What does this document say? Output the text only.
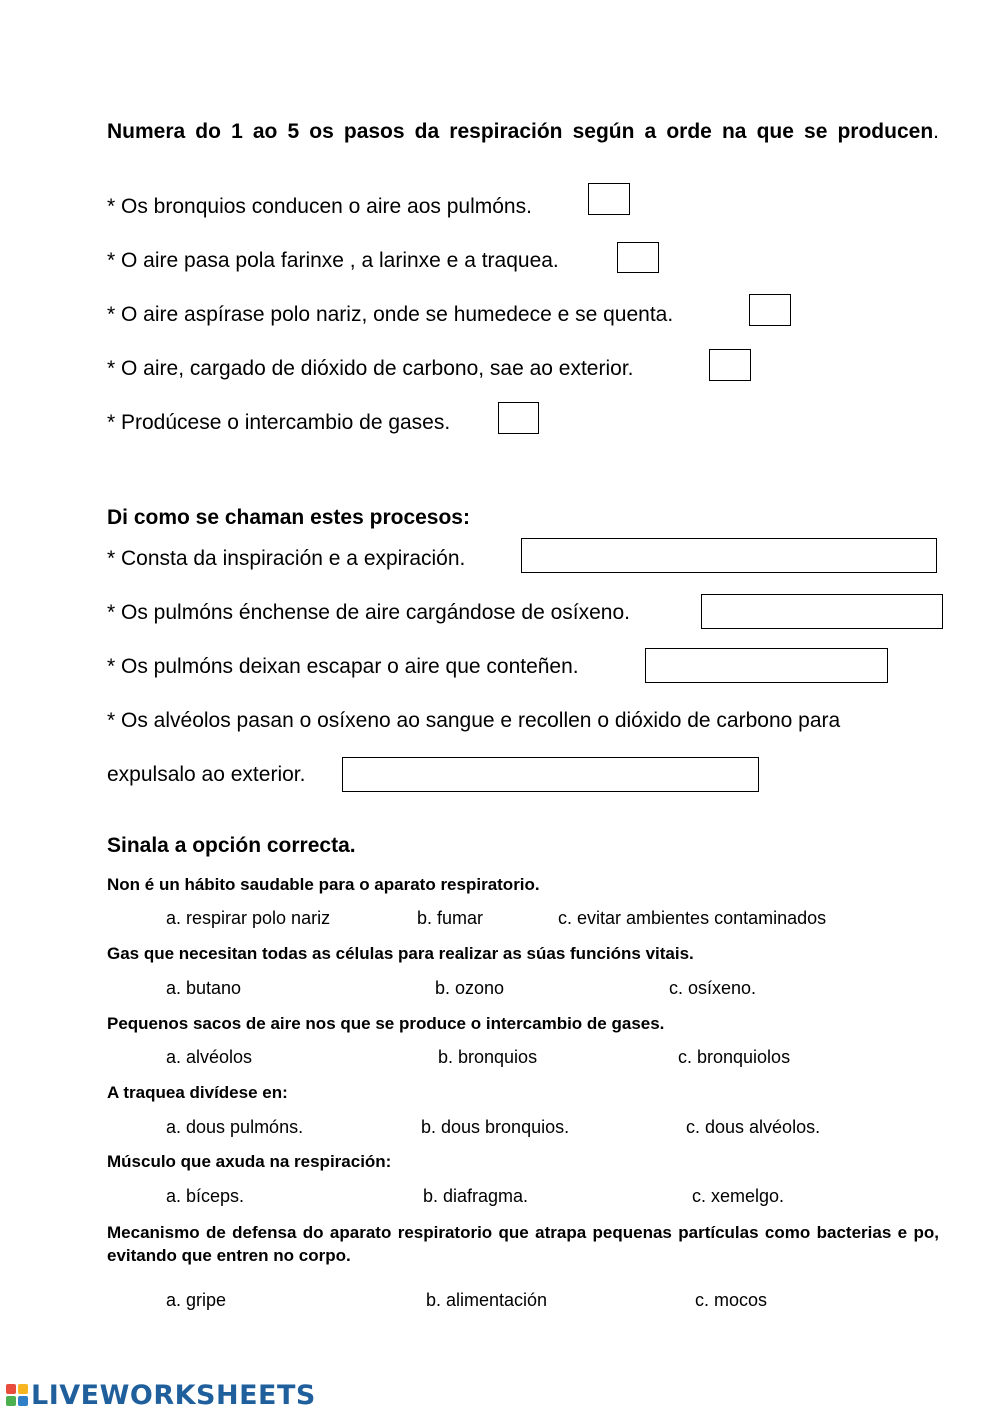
Numera do 1 ao 5 os pasos da respiración según a orde na que se producen.
* Os bronquios conducen o aire aos pulmóns.
* O aire pasa pola farinxe , a larinxe e a traquea.
* O aire aspírase polo nariz, onde se humedece e se quenta.
* O aire, cargado de dióxido de carbono, sae ao exterior.
* Prodúcese o intercambio de gases.
Di como se chaman estes procesos:
* Consta da inspiración e a expiración.
* Os pulmóns énchense de aire cargándose de osíxeno.
* Os pulmóns deixan escapar o aire que conteñen.
* Os alvéolos pasan o osíxeno ao sangue e recollen o dióxido de carbono para
expulsalo ao exterior.
Sinala a opción correcta.
Non é un hábito saudable para o aparato respiratorio.
a. respirar polo nariz	b. fumar	c. evitar ambientes contaminados
Gas que necesitan todas as células para realizar as súas funcións vitais.
a. butano	b. ozono	c. osíxeno.
Pequenos sacos de aire nos que se produce o intercambio de gases.
a. alvéolos	b. bronquios	c. bronquiolos
A traquea divídese en:
a. dous pulmóns.	b. dous bronquios.	c. dous alvéolos.
Músculo que axuda na respiración:
a. bíceps.	b. diafragma.	c. xemelgo.
Mecanismo de defensa do aparato respiratorio que atrapa pequenas partículas como bacterias e po, evitando que entren no corpo.
a. gripe	b. alimentación	c. mocos
LIVEWORKSHEETS
